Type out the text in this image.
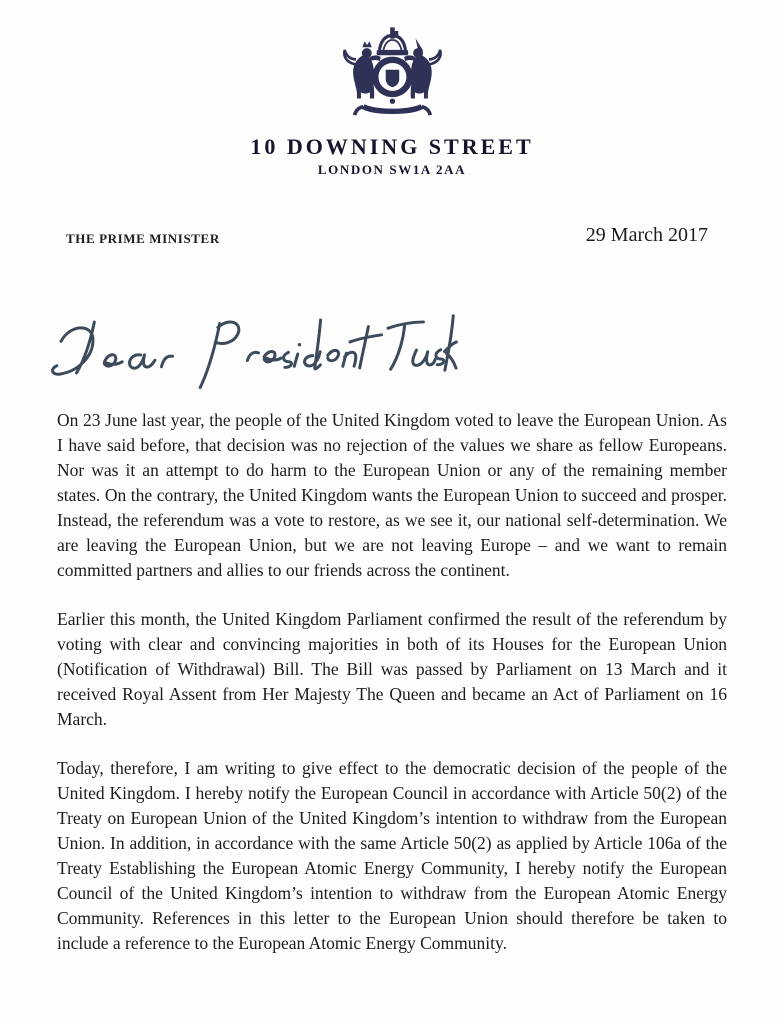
10 DOWNING STREET
LONDON SW1A 2AA
THE PRIME MINISTER	29 March 2017

On 23 June last year, the people of the United Kingdom voted to leave the European Union. As I have said before, that decision was no rejection of the values we share as fellow Europeans. Nor was it an attempt to do harm to the European Union or any of the remaining member states. On the contrary, the United Kingdom wants the European Union to succeed and prosper. Instead, the referendum was a vote to restore, as we see it, our national self-determination. We are leaving the European Union, but we are not leaving Europe – and we want to remain committed partners and allies to our friends across the continent.

Earlier this month, the United Kingdom Parliament confirmed the result of the referendum by voting with clear and convincing majorities in both of its Houses for the European Union (Notification of Withdrawal) Bill. The Bill was passed by Parliament on 13 March and it received Royal Assent from Her Majesty The Queen and became an Act of Parliament on 16 March.

Today, therefore, I am writing to give effect to the democratic decision of the people of the United Kingdom. I hereby notify the European Council in accordance with Article 50(2) of the Treaty on European Union of the United Kingdom’s intention to withdraw from the European Union. In addition, in accordance with the same Article 50(2) as applied by Article 106a of the Treaty Establishing the European Atomic Energy Community, I hereby notify the European Council of the United Kingdom’s intention to withdraw from the European Atomic Energy Community. References in this letter to the European Union should therefore be taken to include a reference to the European Atomic Energy Community.
